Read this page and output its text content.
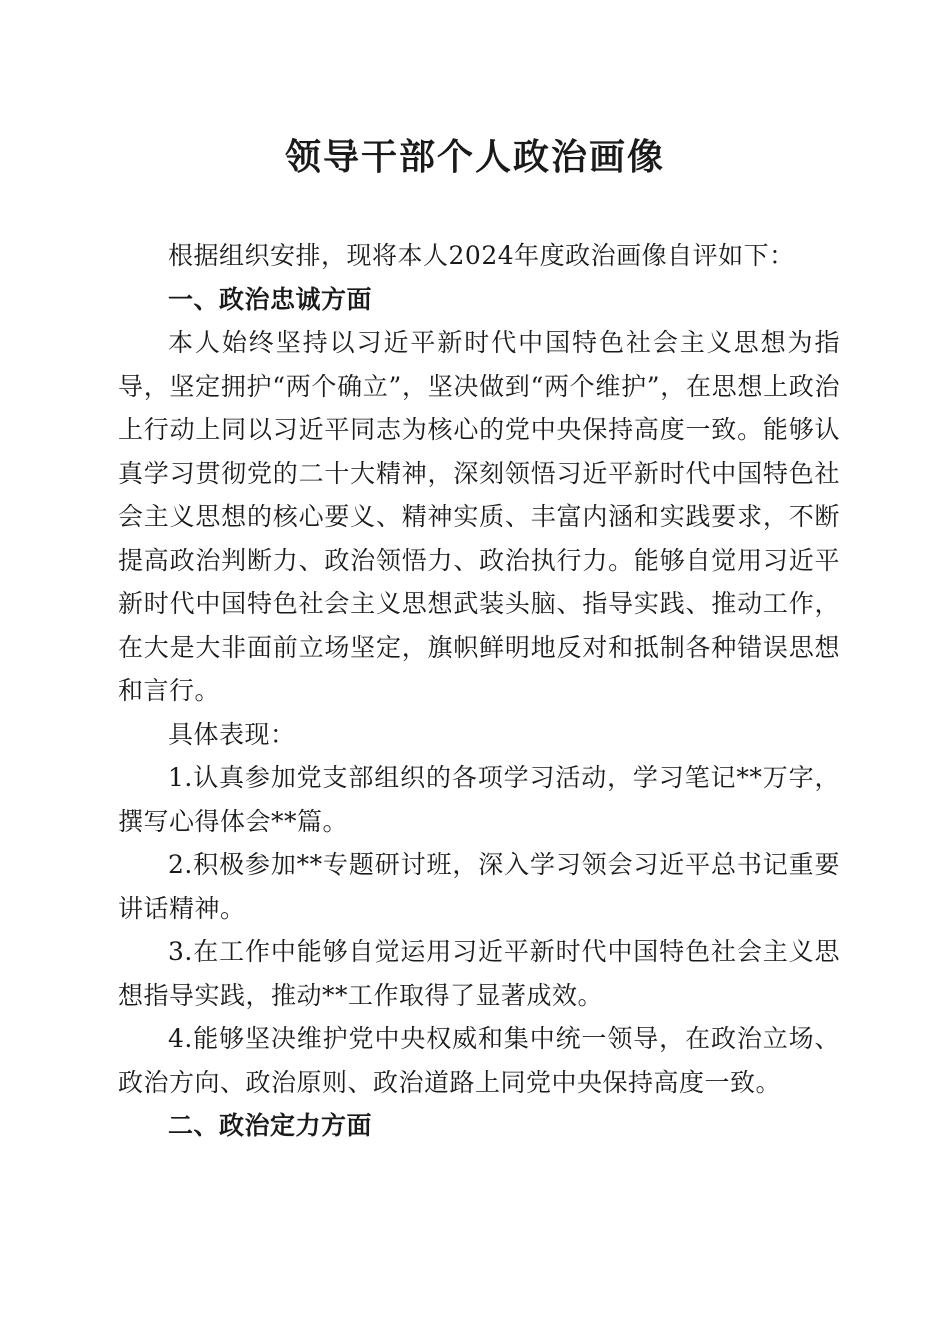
领导干部个人政治画像

根据组织安排，现将本人2024年度政治画像自评如下：

一、政治忠诚方面

本人始终坚持以习近平新时代中国特色社会主义思想为指导，坚定拥护“两个确立”，坚决做到“两个维护”，在思想上政治上行动上同以习近平同志为核心的党中央保持高度一致。能够认真学习贯彻党的二十大精神，深刻领悟习近平新时代中国特色社会主义思想的核心要义、精神实质、丰富内涵和实践要求，不断提高政治判断力、政治领悟力、政治执行力。能够自觉用习近平新时代中国特色社会主义思想武装头脑、指导实践、推动工作，在大是大非面前立场坚定，旗帜鲜明地反对和抵制各种错误思想和言行。

具体表现：

1.认真参加党支部组织的各项学习活动，学习笔记**万字，撰写心得体会**篇。

2.积极参加**专题研讨班，深入学习领会习近平总书记重要讲话精神。

3.在工作中能够自觉运用习近平新时代中国特色社会主义思想指导实践，推动**工作取得了显著成效。

4.能够坚决维护党中央权威和集中统一领导，在政治立场、政治方向、政治原则、政治道路上同党中央保持高度一致。

二、政治定力方面
